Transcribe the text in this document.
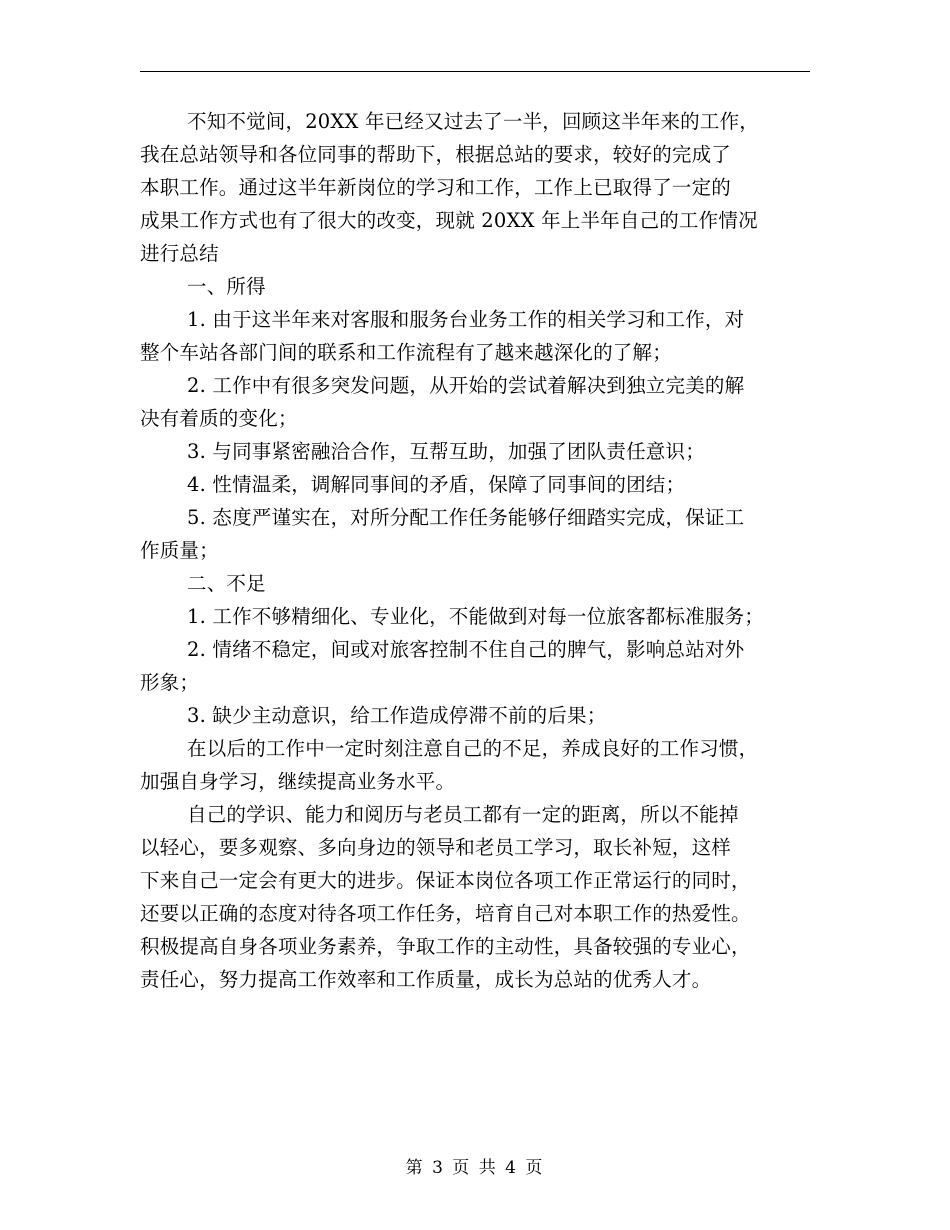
不知不觉间，20XX 年已经又过去了一半，回顾这半年来的工作，
我在总站领导和各位同事的帮助下，根据总站的要求，较好的完成了
本职工作。通过这半年新岗位的学习和工作，工作上已取得了一定的
成果工作方式也有了很大的改变，现就 20XX 年上半年自己的工作情况
进行总结
一、所得
1. 由于这半年来对客服和服务台业务工作的相关学习和工作，对
整个车站各部门间的联系和工作流程有了越来越深化的了解；
2. 工作中有很多突发问题，从开始的尝试着解决到独立完美的解
决有着质的变化；
3. 与同事紧密融洽合作，互帮互助，加强了团队责任意识；
4. 性情温柔，调解同事间的矛盾，保障了同事间的团结；
5. 态度严谨实在，对所分配工作任务能够仔细踏实完成，保证工
作质量；
二、不足
1. 工作不够精细化、专业化，不能做到对每一位旅客都标准服务；
2. 情绪不稳定，间或对旅客控制不住自己的脾气，影响总站对外
形象；
3. 缺少主动意识，给工作造成停滞不前的后果；
在以后的工作中一定时刻注意自己的不足，养成良好的工作习惯，
加强自身学习，继续提高业务水平。
自己的学识、能力和阅历与老员工都有一定的距离，所以不能掉
以轻心，要多观察、多向身边的领导和老员工学习，取长补短，这样
下来自己一定会有更大的进步。保证本岗位各项工作正常运行的同时，
还要以正确的态度对待各项工作任务，培育自己对本职工作的热爱性。
积极提高自身各项业务素养，争取工作的主动性，具备较强的专业心，
责任心，努力提高工作效率和工作质量，成长为总站的优秀人才。
第 3 页 共 4 页
